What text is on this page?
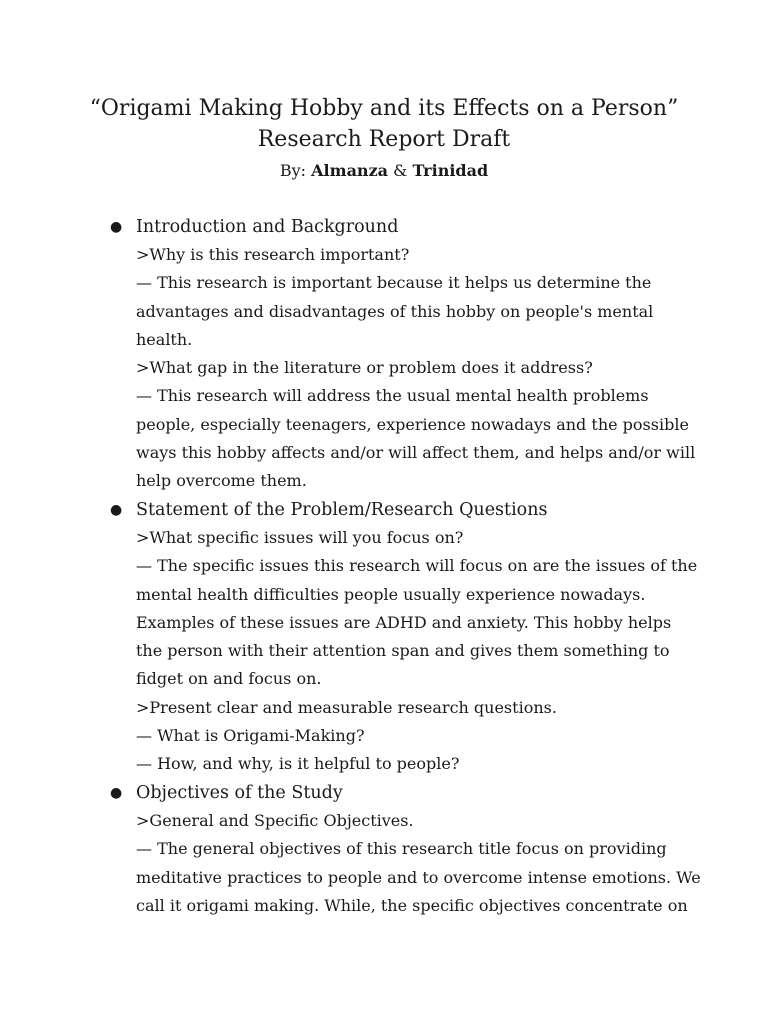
“Origami Making Hobby and its Effects on a Person”
Research Report Draft
By: Almanza & Trinidad
● Introduction and Background
>Why is this research important?
— This research is important because it helps us determine the
advantages and disadvantages of this hobby on people's mental
health.
>What gap in the literature or problem does it address?
— This research will address the usual mental health problems
people, especially teenagers, experience nowadays and the possible
ways this hobby affects and/or will affect them, and helps and/or will
help overcome them.
● Statement of the Problem/Research Questions
>What specific issues will you focus on?
— The specific issues this research will focus on are the issues of the
mental health difficulties people usually experience nowadays.
Examples of these issues are ADHD and anxiety. This hobby helps
the person with their attention span and gives them something to
fidget on and focus on.
>Present clear and measurable research questions.
— What is Origami-Making?
— How, and why, is it helpful to people?
● Objectives of the Study
>General and Specific Objectives.
— The general objectives of this research title focus on providing
meditative practices to people and to overcome intense emotions. We
call it origami making. While, the specific objectives concentrate on
